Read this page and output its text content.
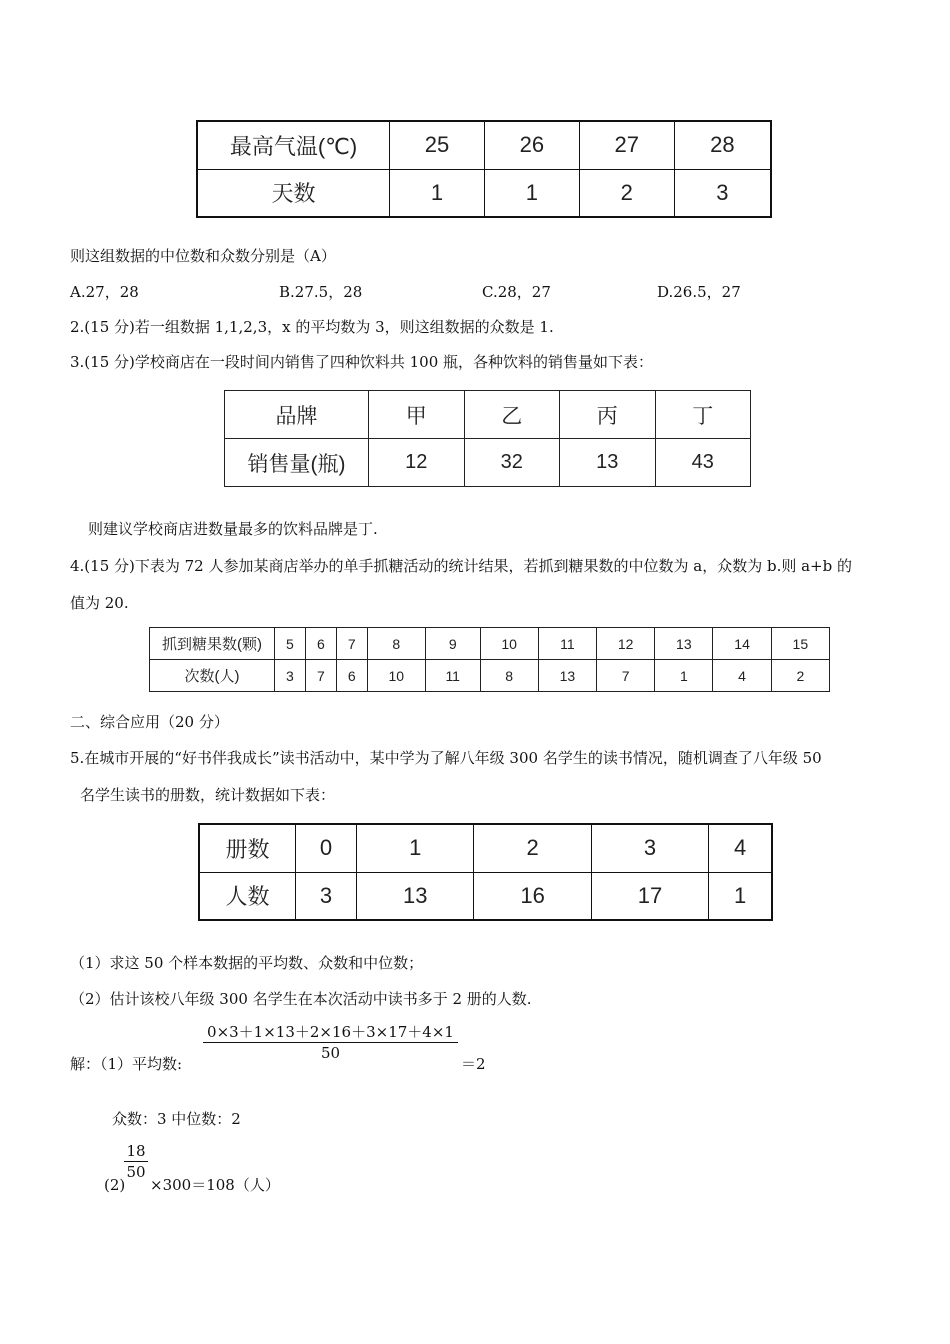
最高气温(℃)	25	26	27	28
天数	1	1	2	3
则这组数据的中位数和众数分别是（A）
A.27，28	B.27.5，28	C.28，27	D.26.5，27
2.(15 分)若一组数据 1,1,2,3，x 的平均数为 3，则这组数据的众数是 1.
3.(15 分)学校商店在一段时间内销售了四种饮料共 100 瓶，各种饮料的销售量如下表：
品牌	甲	乙	丙	丁
销售量(瓶)	12	32	13	43
则建议学校商店进数量最多的饮料品牌是丁.
4.(15 分)下表为 72 人参加某商店举办的单手抓糖活动的统计结果，若抓到糖果数的中位数为 a，众数为 b.则 a+b 的
值为 20.
抓到糖果数(颗)	5	6	7	8	9	10	11	12	13	14	15
次数(人)	3	7	6	10	11	8	13	7	1	4	2
二、综合应用（20 分）
5.在城市开展的“好书伴我成长”读书活动中，某中学为了解八年级 300 名学生的读书情况，随机调查了八年级 50
名学生读书的册数，统计数据如下表：
册数	0	1	2	3	4
人数	3	13	16	17	1
（1）求这 50 个样本数据的平均数、众数和中位数；
（2）估计该校八年级 300 名学生在本次活动中读书多于 2 册的人数.
解：（1）平均数:
0×3＋1×13＋2×16＋3×17＋4×1
50
＝2
众数：3 中位数：2
(2)
18
50
×300＝108（人）
